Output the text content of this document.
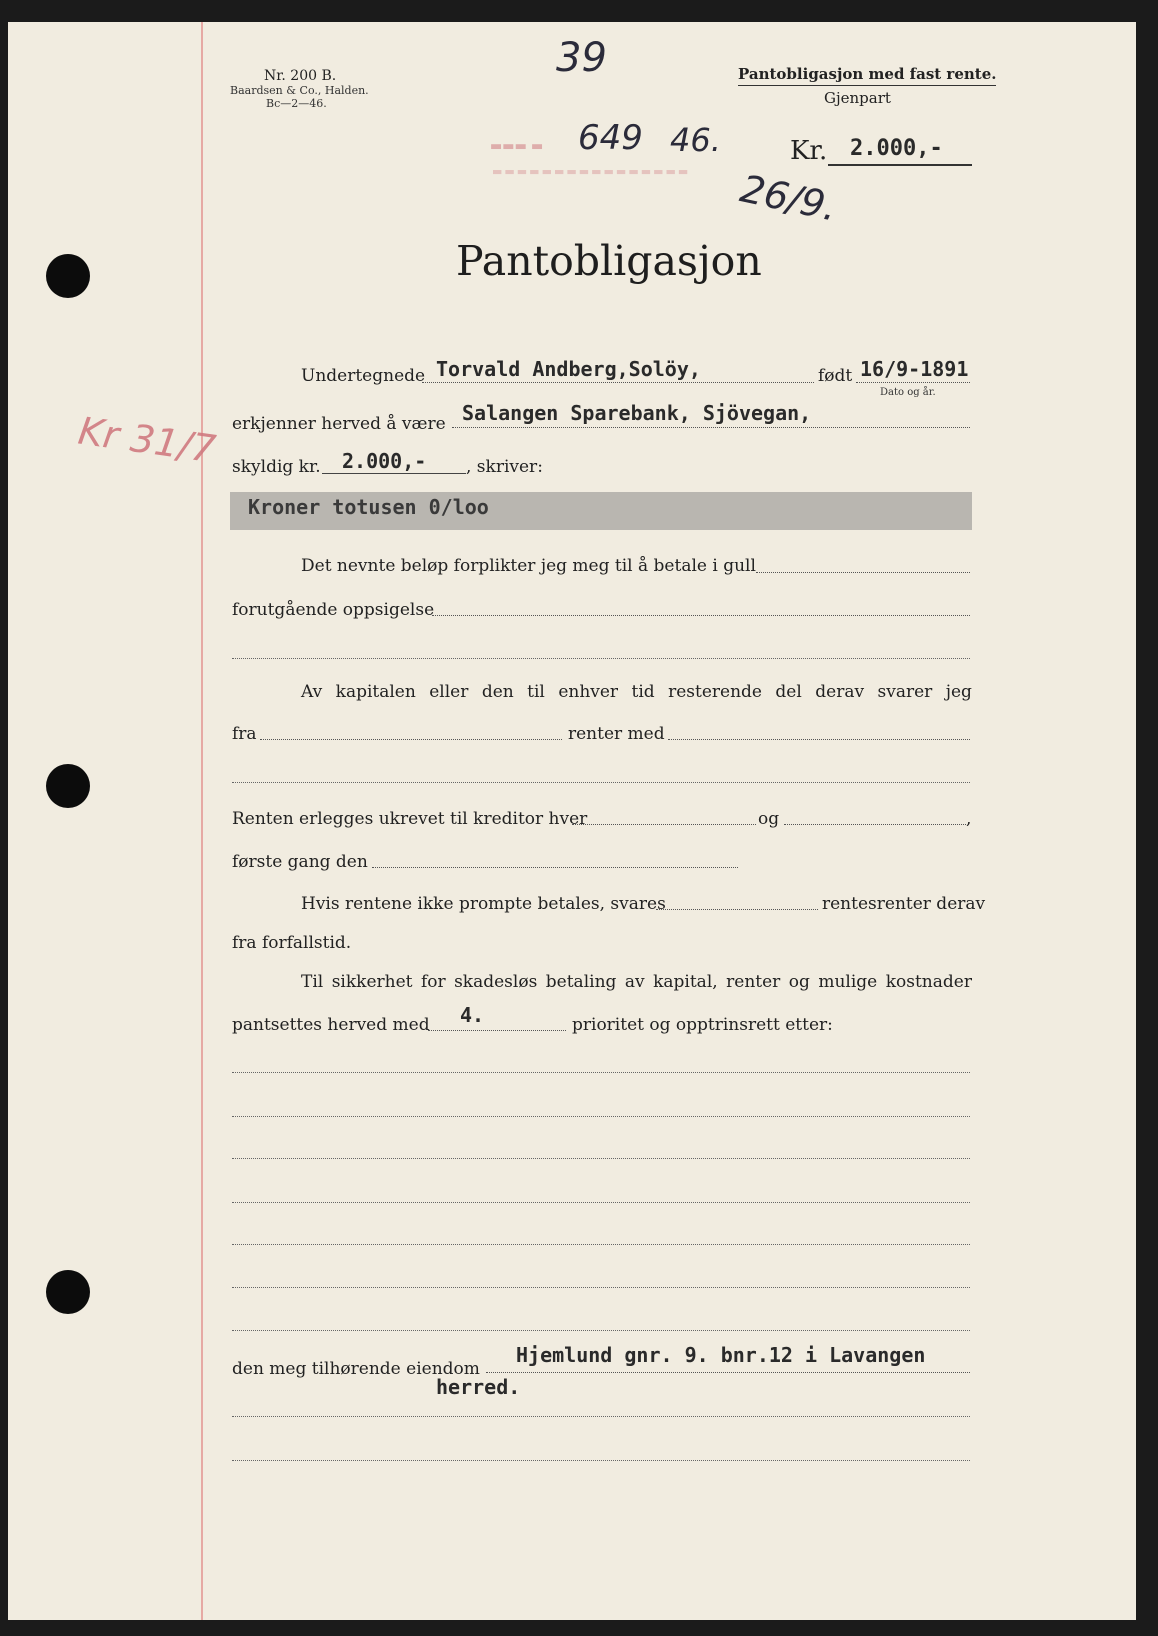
Nr. 200 B.
Baardsen & Co., Halden.
Bc—2—46.
39	Pantobligasjon med fast rente.
Gjenpart
▬▬▬ ▬ 649 46.
▬▬▬▬▬▬▬▬▬▬▬▬▬▬▬▬
Kr. 2.000,-
26/9.
Pantobligasjon
Kr 31/7
Undertegnede Torvald Andberg,Solöy,	født 16/9-1891
Dato og år.
erkjenner herved å være Salangen Sparebank, Sjövegan,
skyldig kr. 2.000,- , skriver:
Kroner totusen 0/loo
Det nevnte beløp forplikter jeg meg til å betale i gull
forutgående oppsigelse
Av kapitalen eller den til enhver tid resterende del derav svarer jeg
fra	renter med
Renten erlegges ukrevet til kreditor hver	og	,
første gang den
Hvis rentene ikke prompte betales, svares	rentesrenter derav
fra forfallstid.
Til sikkerhet for skadesløs betaling av kapital, renter og mulige kostnader
pantsettes herved med 4.	prioritet og opptrinsrett etter:
den meg tilhørende eiendom
Hjemlund gnr. 9. bnr.12 i Lavangen
herred.
